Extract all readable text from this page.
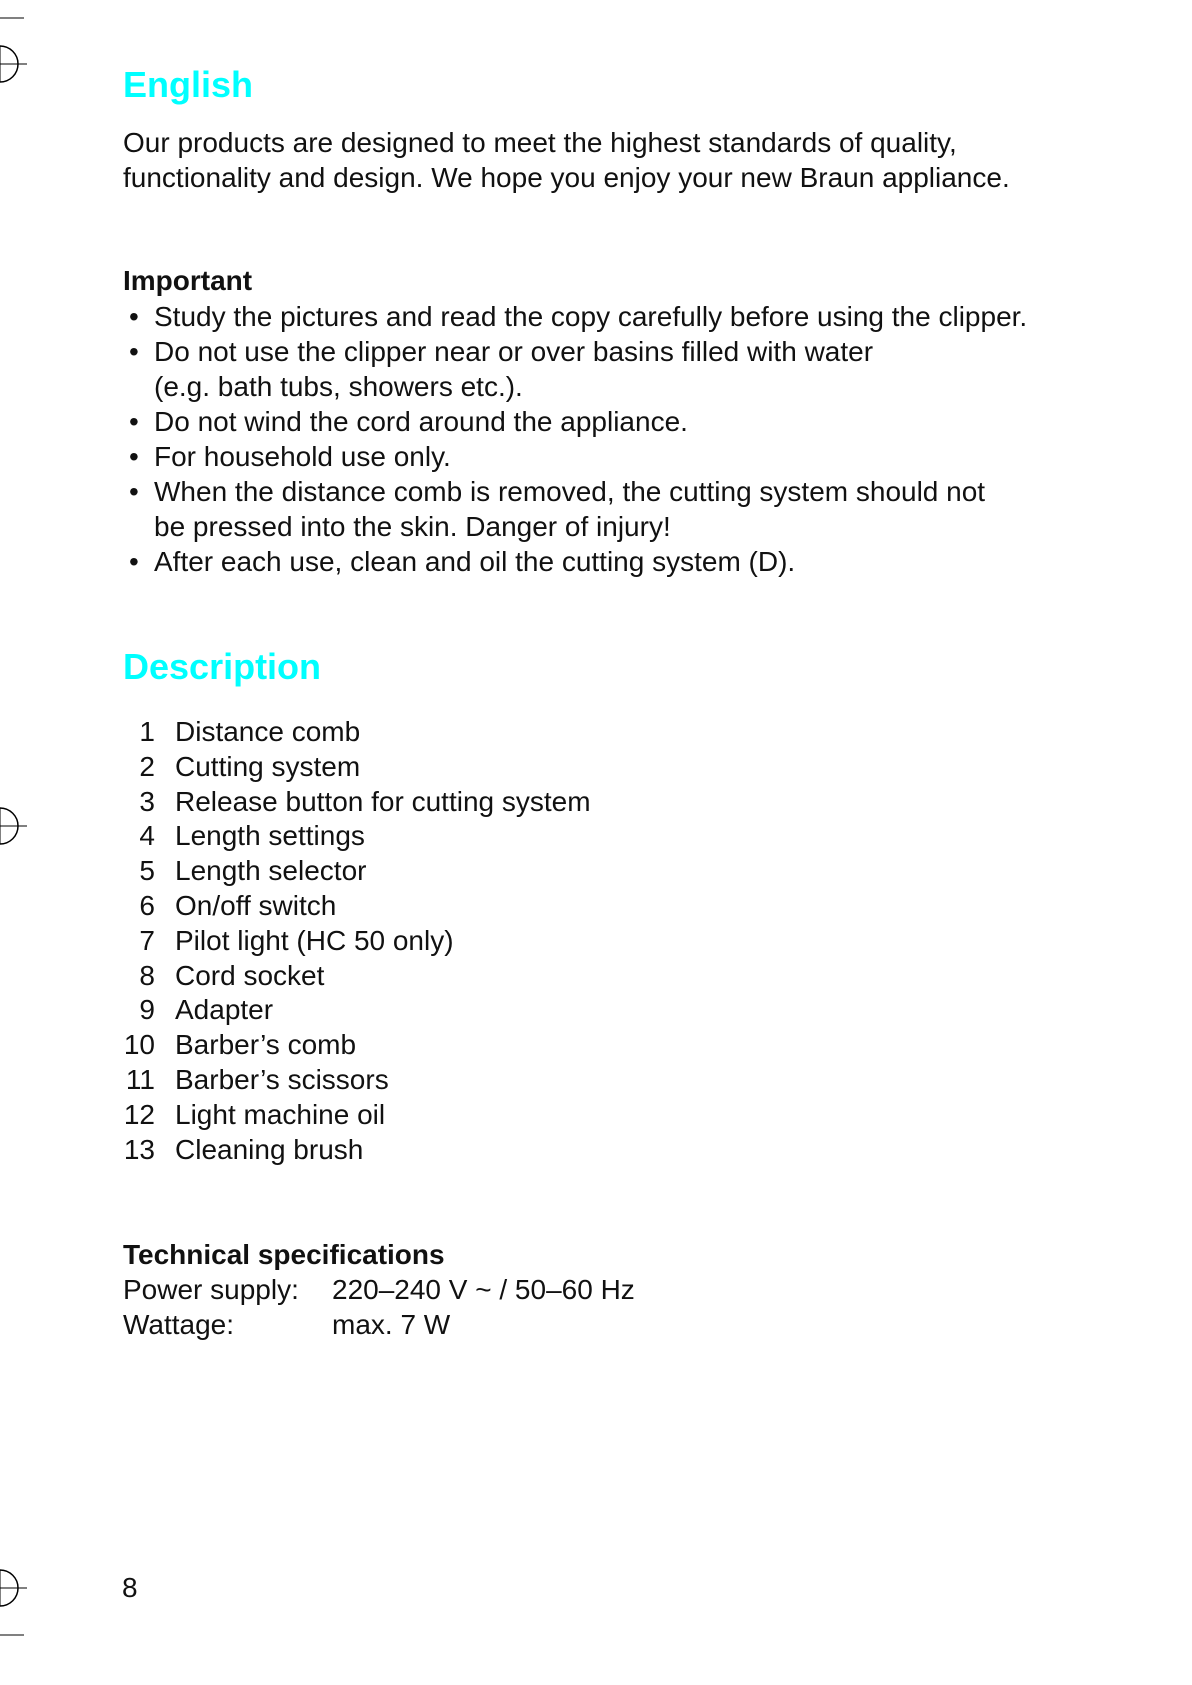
English

Our products are designed to meet the highest standards of quality,
functionality and design. We hope you enjoy your new Braun appliance.

Important
• Study the pictures and read the copy carefully before using the clipper.
• Do not use the clipper near or over basins filled with water
(e.g. bath tubs, showers etc.).
• Do not wind the cord around the appliance.
• For household use only.
• When the distance comb is removed, the cutting system should not
be pressed into the skin. Danger of injury!
• After each use, clean and oil the cutting system (D).
Description
1 Distance comb
2 Cutting system
3 Release button for cutting system
4 Length settings
5 Length selector
6 On/off switch
7 Pilot light (HC 50 only)
8 Cord socket
9 Adapter
10 Barber’s comb
11 Barber’s scissors
12 Light machine oil
13 Cleaning brush
Technical specifications
Power supply:	220–240 V ~ / 50–60 Hz
Wattage:	max. 7 W
8
